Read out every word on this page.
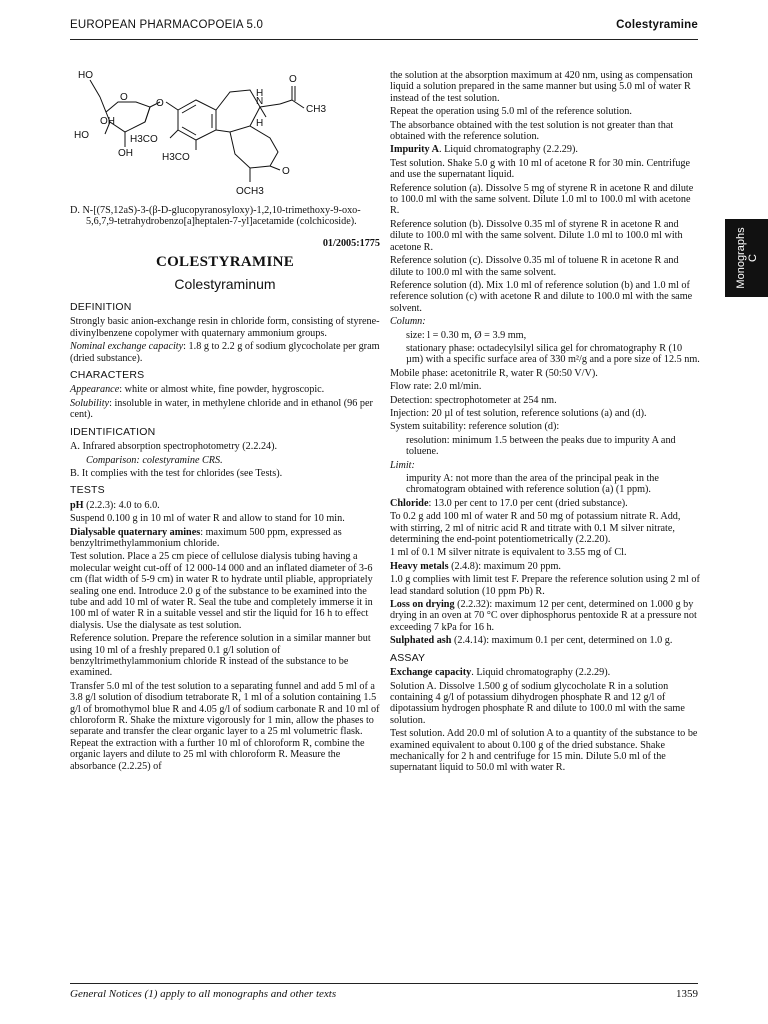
EUROPEAN PHARMACOPOEIA 5.0	Colestyramine
Monographs
C
HO
O
O
OH
HO
OH
H3CO
H3CO
N
H
H
CH3
O
O
OCH3

D. N-[(7S,12aS)-3-(β-D-glucopyranosyloxy)-1,2,10-trimethoxy-9-oxo-5,6,7,9-tetrahydrobenzo[a]heptalen-7-yl]acetamide (colchicoside).

01/2005:1775
COLESTYRAMINE
Colestyraminum
DEFINITION

Strongly basic anion-exchange resin in chloride form, consisting of styrene-divinylbenzene copolymer with quaternary ammonium groups.

Nominal exchange capacity: 1.8 g to 2.2 g of sodium glycocholate per gram (dried substance).

CHARACTERS

Appearance: white or almost white, fine powder, hygroscopic.

Solubility: insoluble in water, in methylene chloride and in ethanol (96 per cent).

IDENTIFICATION

A. Infrared absorption spectrophotometry (2.2.24).

Comparison: colestyramine CRS.

B. It complies with the test for chlorides (see Tests).

TESTS

pH (2.2.3): 4.0 to 6.0.

Suspend 0.100 g in 10 ml of water R and allow to stand for 10 min.

Dialysable quaternary amines: maximum 500 ppm, expressed as benzyltrimethylammonium chloride.

Test solution. Place a 25 cm piece of cellulose dialysis tubing having a molecular weight cut-off of 12 000-14 000 and an inflated diameter of 3-6 cm (flat width of 5-9 cm) in water R to hydrate until pliable, appropriately sealing one end. Introduce 2.0 g of the substance to be examined into the tube and add 10 ml of water R. Seal the tube and completely immerse it in 100 ml of water R in a suitable vessel and stir the liquid for 16 h to effect dialysis. Use the dialysate as test solution.

Reference solution. Prepare the reference solution in a similar manner but using 10 ml of a freshly prepared 0.1 g/l solution of benzyltrimethylammonium chloride R instead of the substance to be examined.

Transfer 5.0 ml of the test solution to a separating funnel and add 5 ml of a 3.8 g/l solution of disodium tetraborate R, 1 ml of a solution containing 1.5 g/l of bromothymol blue R and 4.05 g/l of sodium carbonate R and 10 ml of chloroform R. Shake the mixture vigorously for 1 min, allow the phases to separate and transfer the clear organic layer to a 25 ml volumetric flask. Repeat the extraction with a further 10 ml of chloroform R, combine the organic layers and dilute to 25 ml with chloroform R. Measure the absorbance (2.2.25) of

the solution at the absorption maximum at 420 nm, using as compensation liquid a solution prepared in the same manner but using 5.0 ml of water R instead of the test solution.

Repeat the operation using 5.0 ml of the reference solution.

The absorbance obtained with the test solution is not greater than that obtained with the reference solution.

Impurity A. Liquid chromatography (2.2.29).

Test solution. Shake 5.0 g with 10 ml of acetone R for 30 min. Centrifuge and use the supernatant liquid.

Reference solution (a). Dissolve 5 mg of styrene R in acetone R and dilute to 100.0 ml with the same solvent. Dilute 1.0 ml to 100.0 ml with acetone R.

Reference solution (b). Dissolve 0.35 ml of styrene R in acetone R and dilute to 100.0 ml with the same solvent. Dilute 1.0 ml to 100.0 ml with acetone R.

Reference solution (c). Dissolve 0.35 ml of toluene R in acetone R and dilute to 100.0 ml with the same solvent.

Reference solution (d). Mix 1.0 ml of reference solution (b) and 1.0 ml of reference solution (c) with acetone R and dilute to 100.0 ml with the same solvent.

Column:

size: l = 0.30 m, Ø = 3.9 mm,

stationary phase: octadecylsilyl silica gel for chromatography R (10 µm) with a specific surface area of 330 m²/g and a pore size of 12.5 nm.

Mobile phase: acetonitrile R, water R (50:50 V/V).

Flow rate: 2.0 ml/min.

Detection: spectrophotometer at 254 nm.

Injection: 20 µl of test solution, reference solutions (a) and (d).

System suitability: reference solution (d):

resolution: minimum 1.5 between the peaks due to impurity A and toluene.

Limit:

impurity A: not more than the area of the principal peak in the chromatogram obtained with reference solution (a) (1 ppm).

Chloride: 13.0 per cent to 17.0 per cent (dried substance).

To 0.2 g add 100 ml of water R and 50 mg of potassium nitrate R. Add, with stirring, 2 ml of nitric acid R and titrate with 0.1 M silver nitrate, determining the end-point potentiometrically (2.2.20).

1 ml of 0.1 M silver nitrate is equivalent to 3.55 mg of Cl.

Heavy metals (2.4.8): maximum 20 ppm.

1.0 g complies with limit test F. Prepare the reference solution using 2 ml of lead standard solution (10 ppm Pb) R.

Loss on drying (2.2.32): maximum 12 per cent, determined on 1.000 g by drying in an oven at 70 °C over diphosphorus pentoxide R at a pressure not exceeding 7 kPa for 16 h.

Sulphated ash (2.4.14): maximum 0.1 per cent, determined on 1.0 g.

ASSAY

Exchange capacity. Liquid chromatography (2.2.29).

Solution A. Dissolve 1.500 g of sodium glycocholate R in a solution containing 4 g/l of potassium dihydrogen phosphate R and 12 g/l of dipotassium hydrogen phosphate R and dilute to 100.0 ml with the same solution.

Test solution. Add 20.0 ml of solution A to a quantity of the substance to be examined equivalent to about 0.100 g of the dried substance. Shake mechanically for 2 h and centrifuge for 15 min. Dilute 5.0 ml of the supernatant liquid to 50.0 ml with water R.

General Notices (1) apply to all monographs and other texts	1359
